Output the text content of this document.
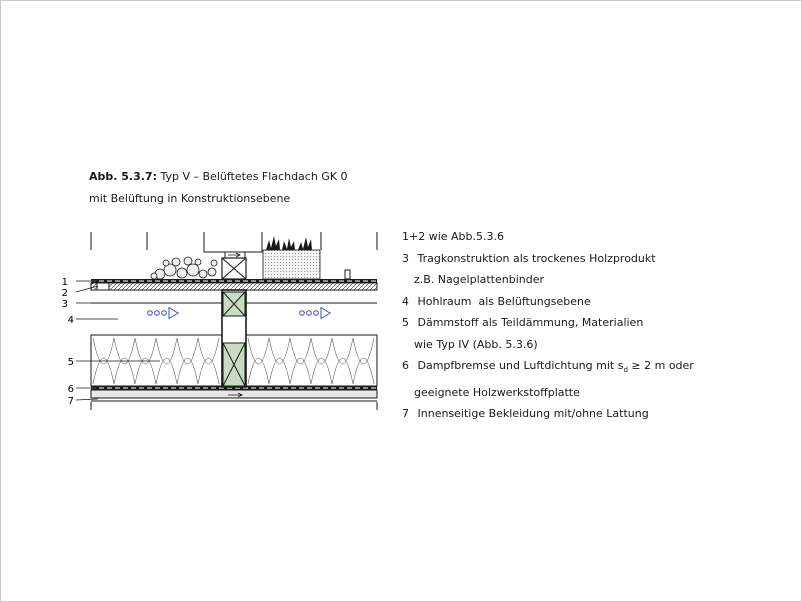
Abb. 5.3.7: Typ V – Belüftetes Flachdach GK 0
mit Belüftung in Konstruktionsebene
1
2
3
4
5
6
7
1+2 wie Abb.5.3.6
3 Tragkonstruktion als trockenes Holzprodukt
z.B. Nagelplattenbinder
4 Hohlraum  als Belüftungsebene
5 Dämmstoff als Teildämmung, Materialien
wie Typ IV (Abb. 5.3.6)
6 Dampfbremse und Luftdichtung mit $s_d \ge 2$ m oder
geeignete Holzwerkstoffplatte
7 Innenseitige Bekleidung mit/ohne Lattung
